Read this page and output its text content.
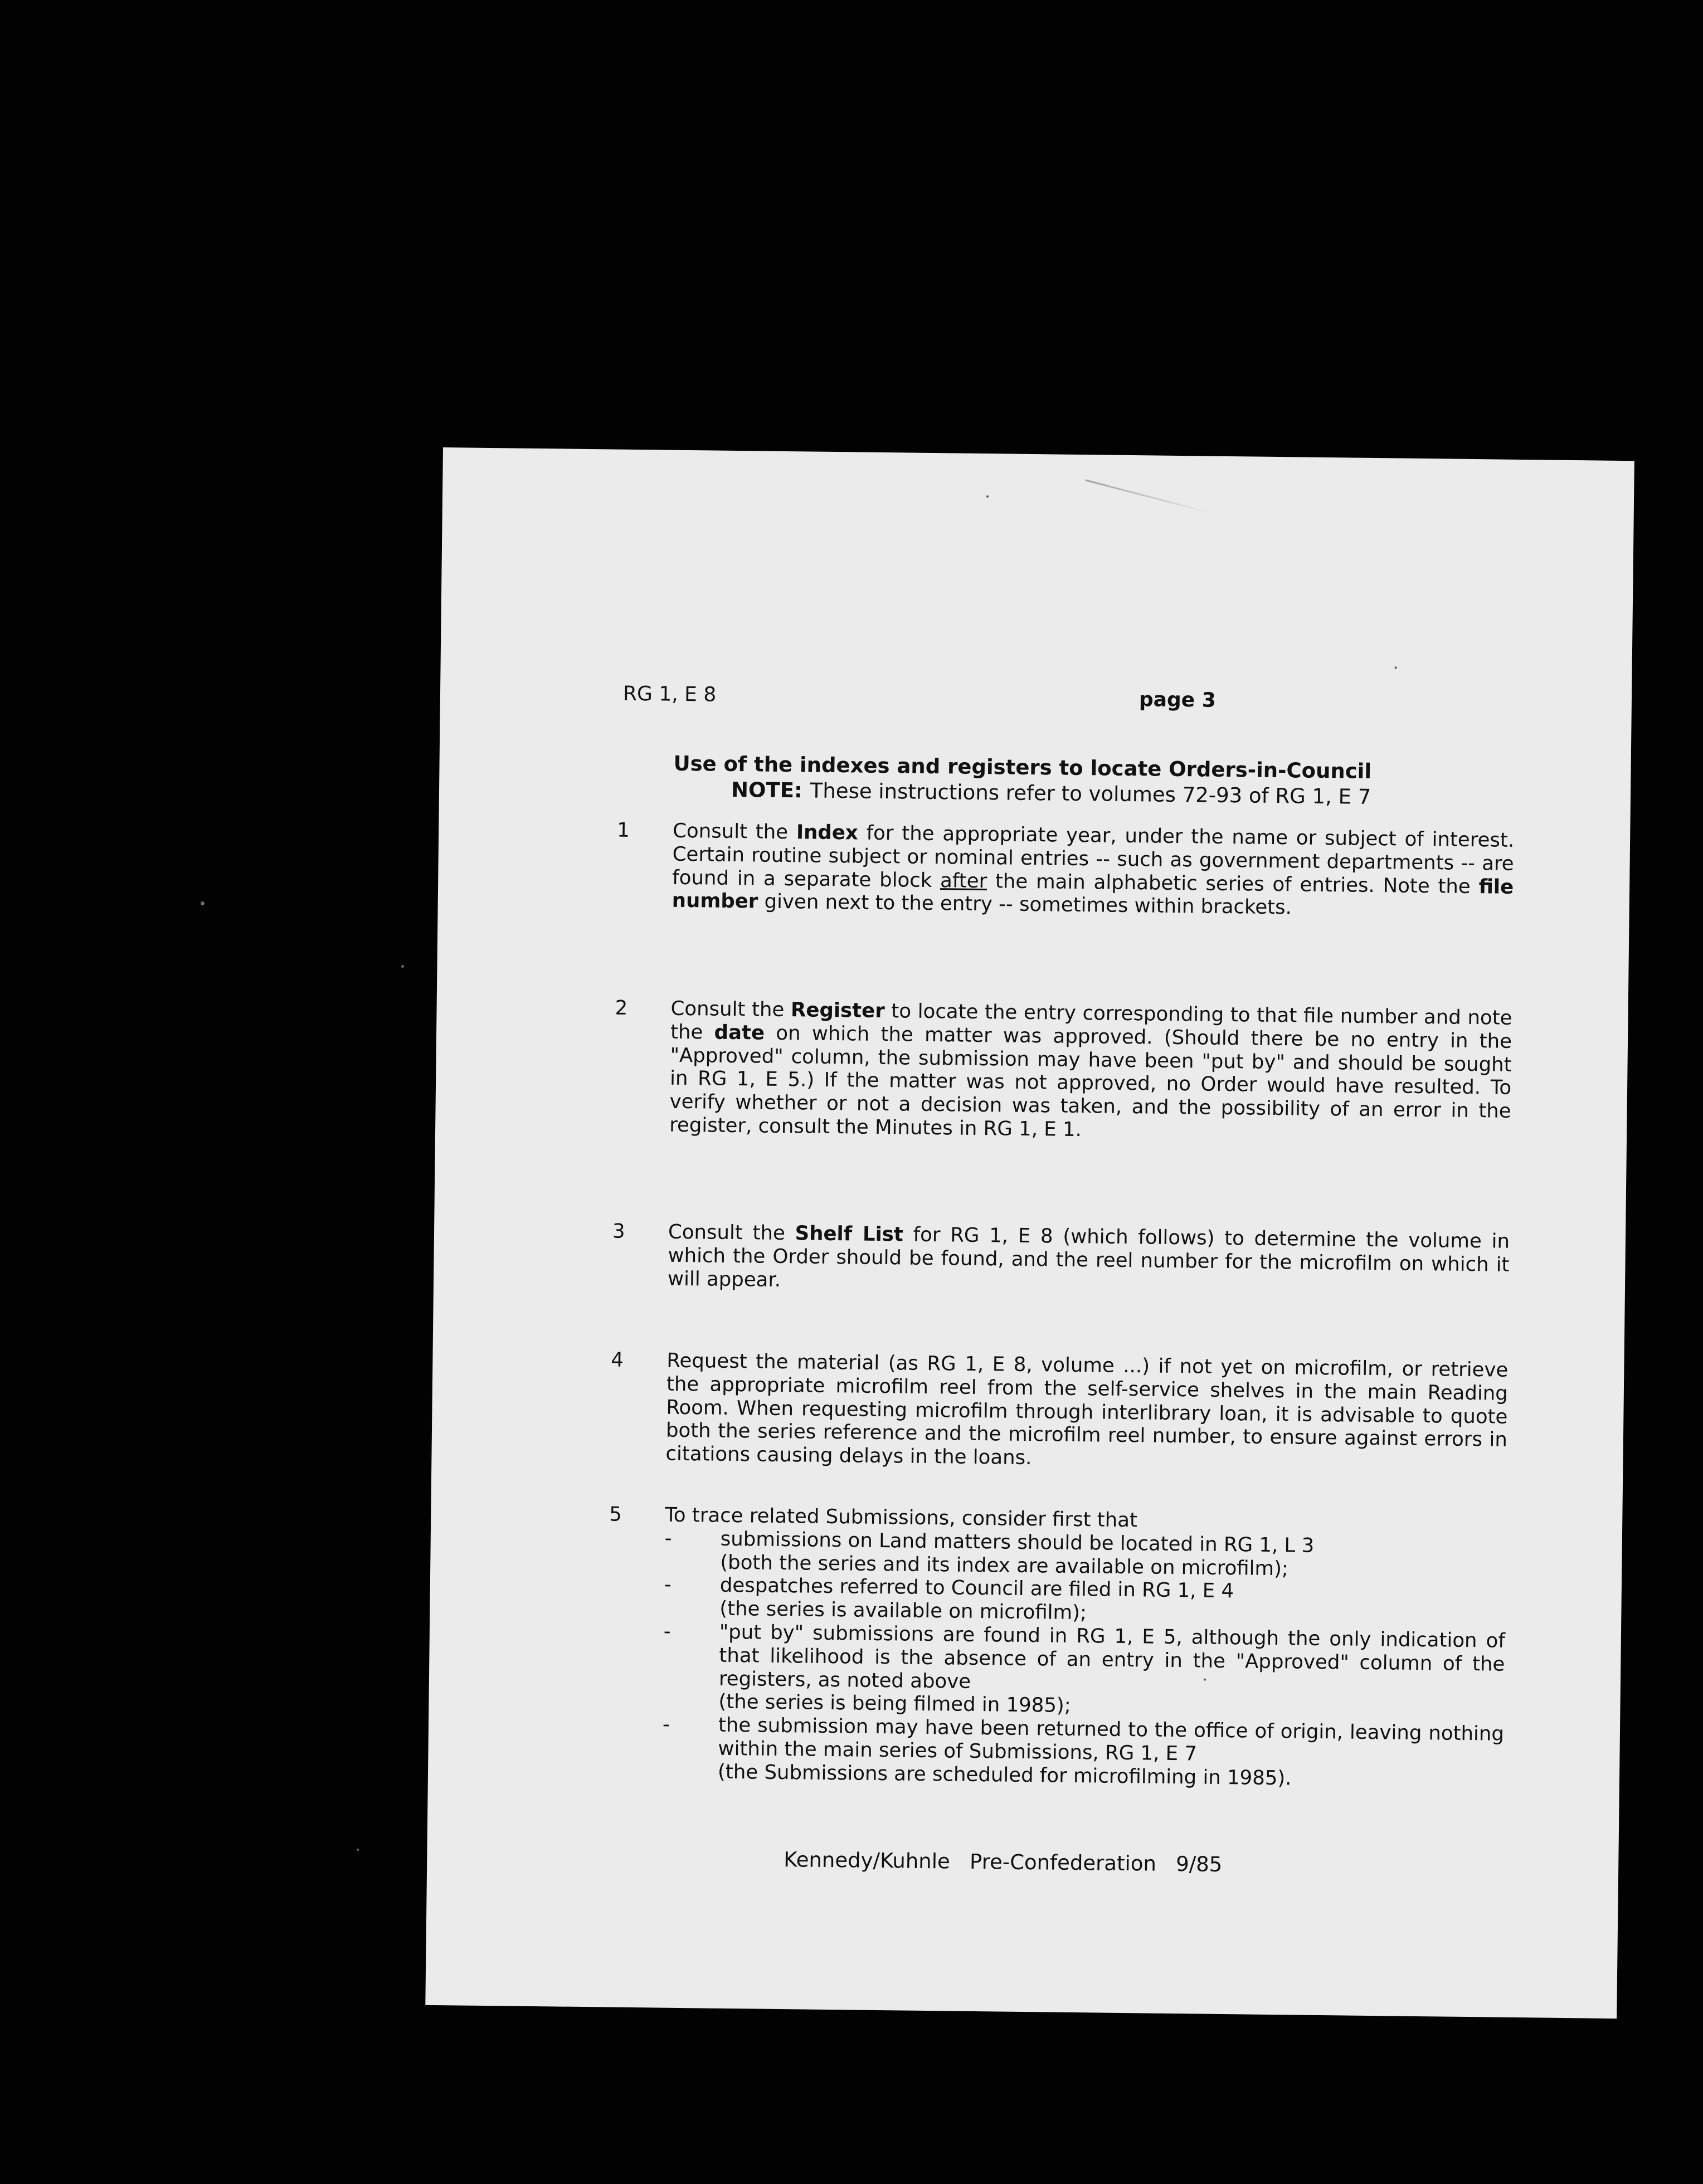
RG 1, E 8	page 3
Use of the indexes and registers to locate Orders-in-Council
NOTE: These instructions refer to volumes 72-93 of RG 1, E 7
1	Consult the Index for the appropriate year, under the name or subject of interest. Certain routine subject or nominal entries -- such as government departments -- are found in a separate block after the main alphabetic series of entries. Note the file number given next to the entry -- sometimes within brackets.
2	Consult the Register to locate the entry corresponding to that file number and note the date on which the matter was approved. (Should there be no entry in the "Approved" column, the submission may have been "put by" and should be sought in RG 1, E 5.) If the matter was not approved, no Order would have resulted. To verify whether or not a decision was taken, and the possibility of an error in the register, consult the Minutes in RG 1, E 1.
3	Consult the Shelf List for RG 1, E 8 (which follows) to determine the volume in which the Order should be found, and the reel number for the microfilm on which it will appear.
4	Request the material (as RG 1, E 8, volume ...) if not yet on microfilm, or retrieve the appropriate microfilm reel from the self-service shelves in the main Reading Room. When requesting microfilm through interlibrary loan, it is advisable to quote both the series reference and the microfilm reel number, to ensure against errors in citations causing delays in the loans.
5	To trace related Submissions, consider first that
- submissions on Land matters should be located in RG 1, L 3
(both the series and its index are available on microfilm);
- despatches referred to Council are filed in RG 1, E 4
(the series is available on microfilm);
- "put by" submissions are found in RG 1, E 5, although the only indication of that likelihood is the absence of an entry in the "Approved" column of the registers, as noted above
(the series is being filmed in 1985);
- the submission may have been returned to the office of origin, leaving nothing within the main series of Submissions, RG 1, E 7
(the Submissions are scheduled for microfilming in 1985).
Kennedy/Kuhnle   Pre-Confederation   9/85
